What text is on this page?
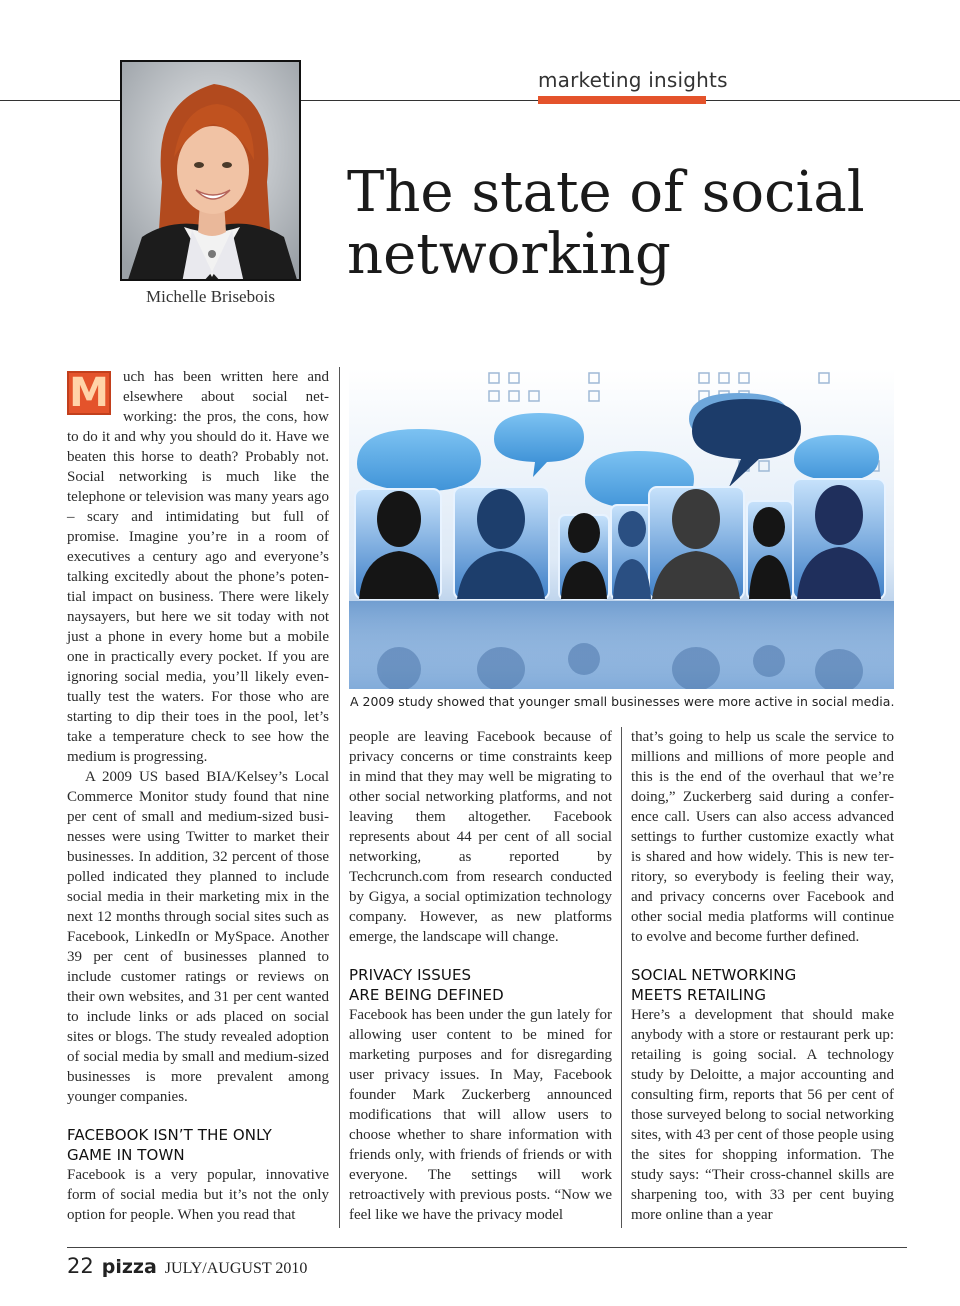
marketing insights
Michelle Brisebois
The state of social
networking

M uch has been written here and elsewhere about social networking: the pros, the cons, how to do it and why you should do it. Have we beaten this horse to death? Probably not. Social networking is much like the telephone or television was many years ago – scary and intimidating but full of promise. Imagine you’re in a room of executives a century ago and everyone’s talking excitedly about the phone’s potential impact on business. There were likely naysayers, but here we sit today with not just a phone in every home but a mobile one in practically every pocket. If you are ignoring social media, you’ll likely eventually test the waters. For those who are starting to dip their toes in the pool, let’s take a temperature check to see how the medium is progressing.

A 2009 US based BIA/Kelsey’s Local Commerce Monitor study found that nine per cent of small and medium-sized businesses were using Twitter to market their businesses. In addition, 32 percent of those polled indicated they planned to include social media in their marketing mix in the next 12 months through social sites such as Facebook, LinkedIn or MySpace. Another 39 per cent of businesses planned to include customer ratings or reviews on their own websites, and 31 per cent wanted to include links or ads placed on social sites or blogs. The study revealed adoption of social media by small and medium-sized businesses is more prevalent among younger companies.

FACEBOOK ISN’T THE ONLY
GAME IN TOWN

Facebook is a very popular, innovative form of social media but it’s not the only option for people. When you read that

A 2009 study showed that younger small businesses were more active in social media.

people are leaving Facebook because of privacy concerns or time constraints keep in mind that they may well be migrating to other social networking platforms, and not leaving them altogether. Facebook represents about 44 per cent of all social networking, as reported by Techcrunch.com from research conducted by Gigya, a social optimization technology company. However, as new platforms emerge, the landscape will change.

PRIVACY ISSUES
ARE BEING DEFINED

Facebook has been under the gun lately for allowing user content to be mined for marketing purposes and for disregarding user privacy issues. In May, Facebook founder Mark Zuckerberg announced modifications that will allow users to choose whether to share information with friends only, with friends of friends or with everyone. The settings will work retroactively with previous posts. “Now we feel like we have the privacy model

that’s going to help us scale the service to millions and millions of more people and this is the end of the overhaul that we’re doing,” Zuckerberg said during a conference call. Users can also access advanced settings to further customize exactly what is shared and how widely. This is new territory, so everybody is feeling their way, and privacy concerns over Facebook and other social media platforms will continue to evolve and become further defined.

SOCIAL NETWORKING
MEETS RETAILING

Here’s a development that should make anybody with a store or restaurant perk up: retailing is going social. A technology study by Deloitte, a major accounting and consulting firm, reports that 56 per cent of those surveyed belong to social networking sites, with 43 per cent of those people using the sites for shopping information. The study says: “Their cross-channel skills are sharpening too, with 33 per cent buying more online than a year

22 pizza JULY/AUGUST 2010
